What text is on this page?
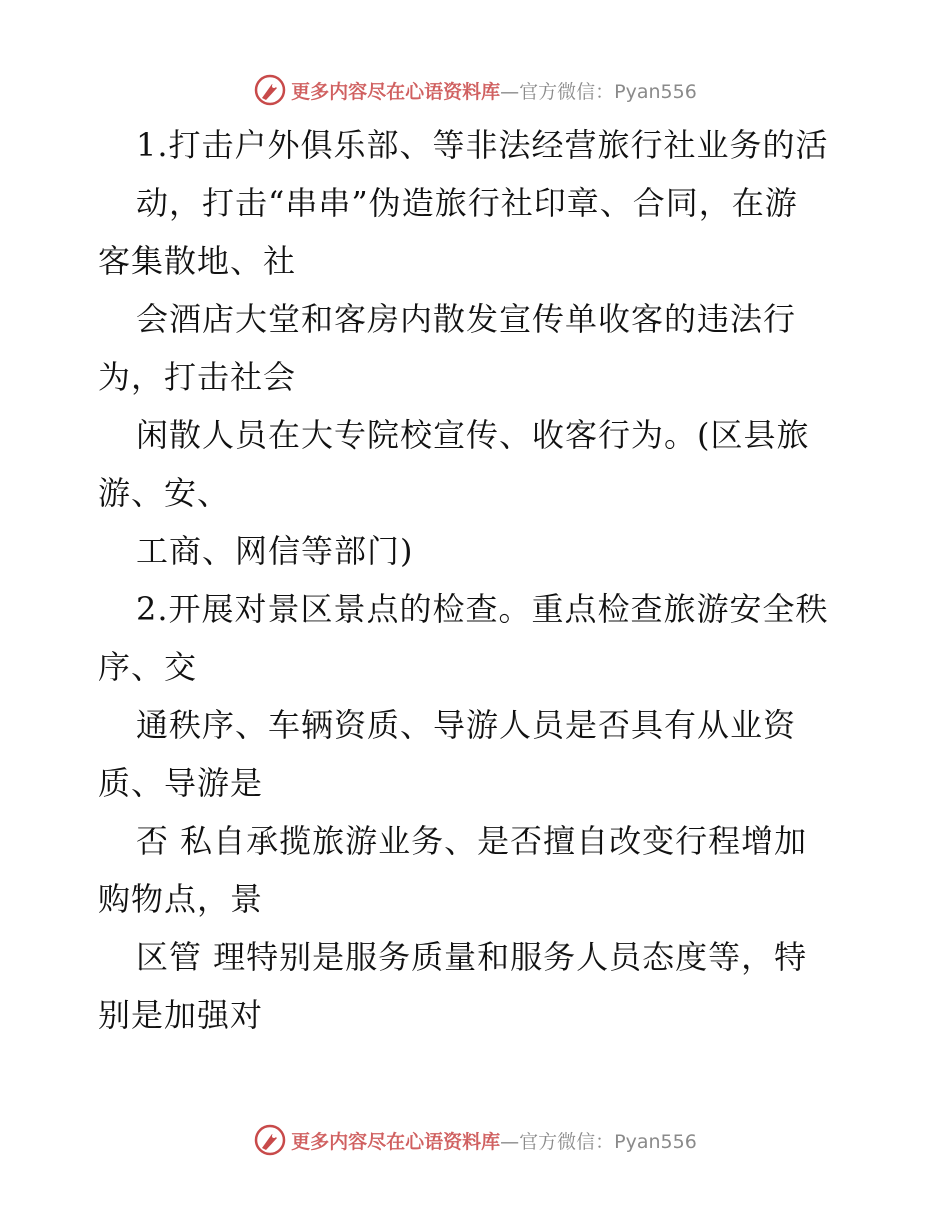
更多内容尽在心语资料库 —官方微信：Pyan556
1.打击户外俱乐部、等非法经营旅行社业务的活
动，打击“串串”伪造旅行社印章、合同，在游
客集散地、社
会酒店大堂和客房内散发宣传单收客的违法行
为，打击社会
闲散人员在大专院校宣传、收客行为。(区县旅
游、安、
工商、网信等部门)
2.开展对景区景点的检查。重点检查旅游安全秩
序、交
通秩序、车辆资质、导游人员是否具有从业资
质、导游是
否 私自承揽旅游业务、是否擅自改变行程增加
购物点，景
区管 理特别是服务质量和服务人员态度等，特
别是加强对
更多内容尽在心语资料库 —官方微信：Pyan556
